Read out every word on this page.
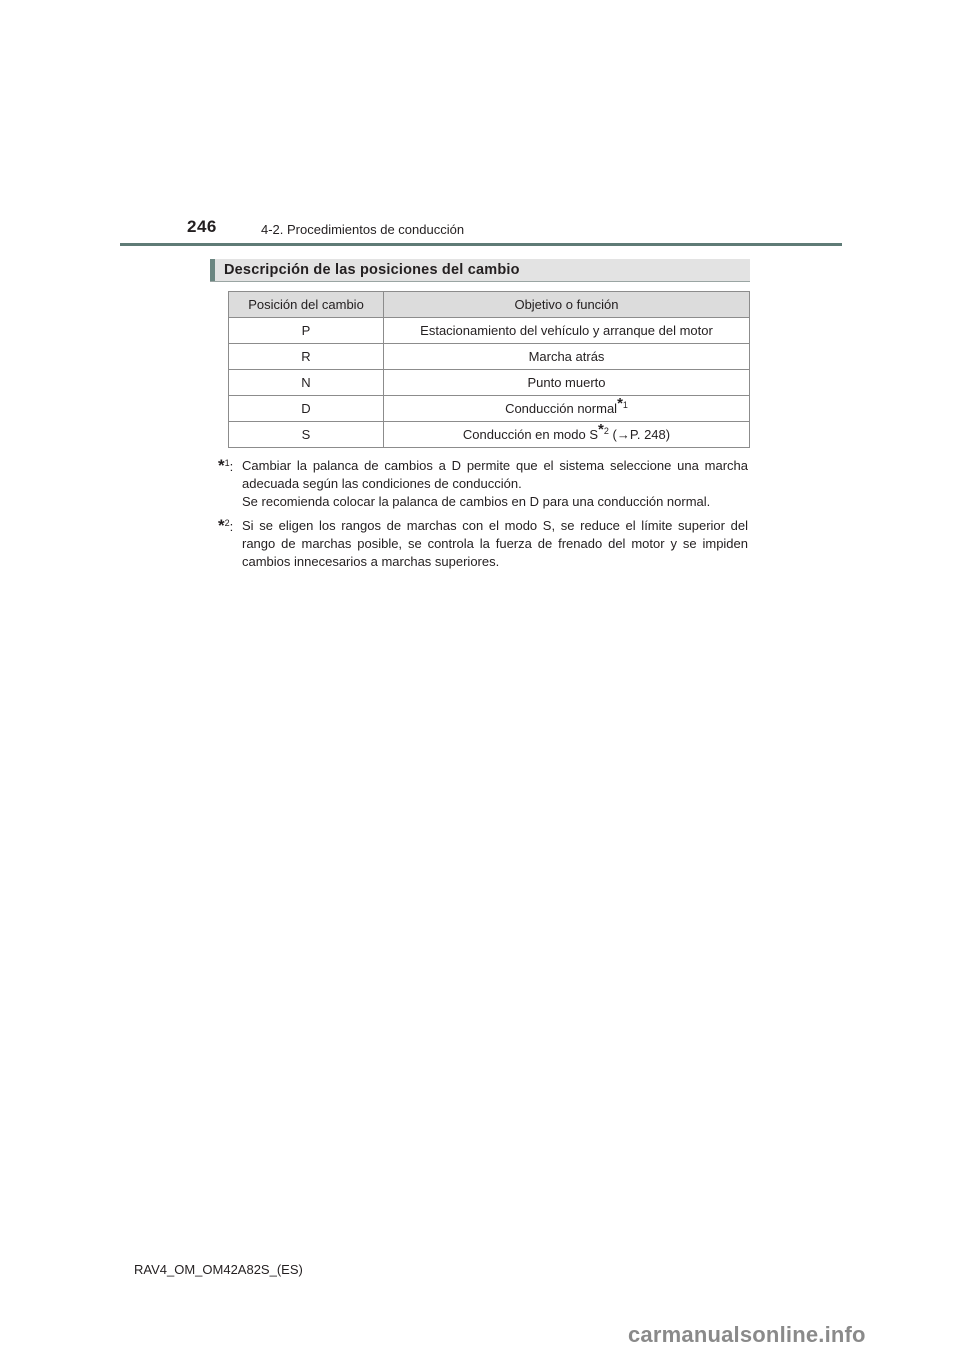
246	4-2. Procedimientos de conducción
Descripción de las posiciones del cambio
Posición del cambio	Objetivo o función
P	Estacionamiento del vehículo y arranque del motor
R	Marcha atrás
N	Punto muerto
D	Conducción normal$^{*1}$
S	Conducción en modo $S^{*2}$ (→P. 248)
*$^1$: Cambiar la palanca de cambios a D permite que el sistema seleccione una marcha adecuada según las condiciones de conducción.
Se recomienda colocar la palanca de cambios en D para una conducción normal.
*$^2$: Si se eligen los rangos de marchas con el modo S, se reduce el límite superior del rango de marchas posible, se controla la fuerza de frenado del motor y se impiden cambios innecesarios a marchas superiores.
RAV4_OM_OM42A82S_(ES)
carmanualsonline.info
